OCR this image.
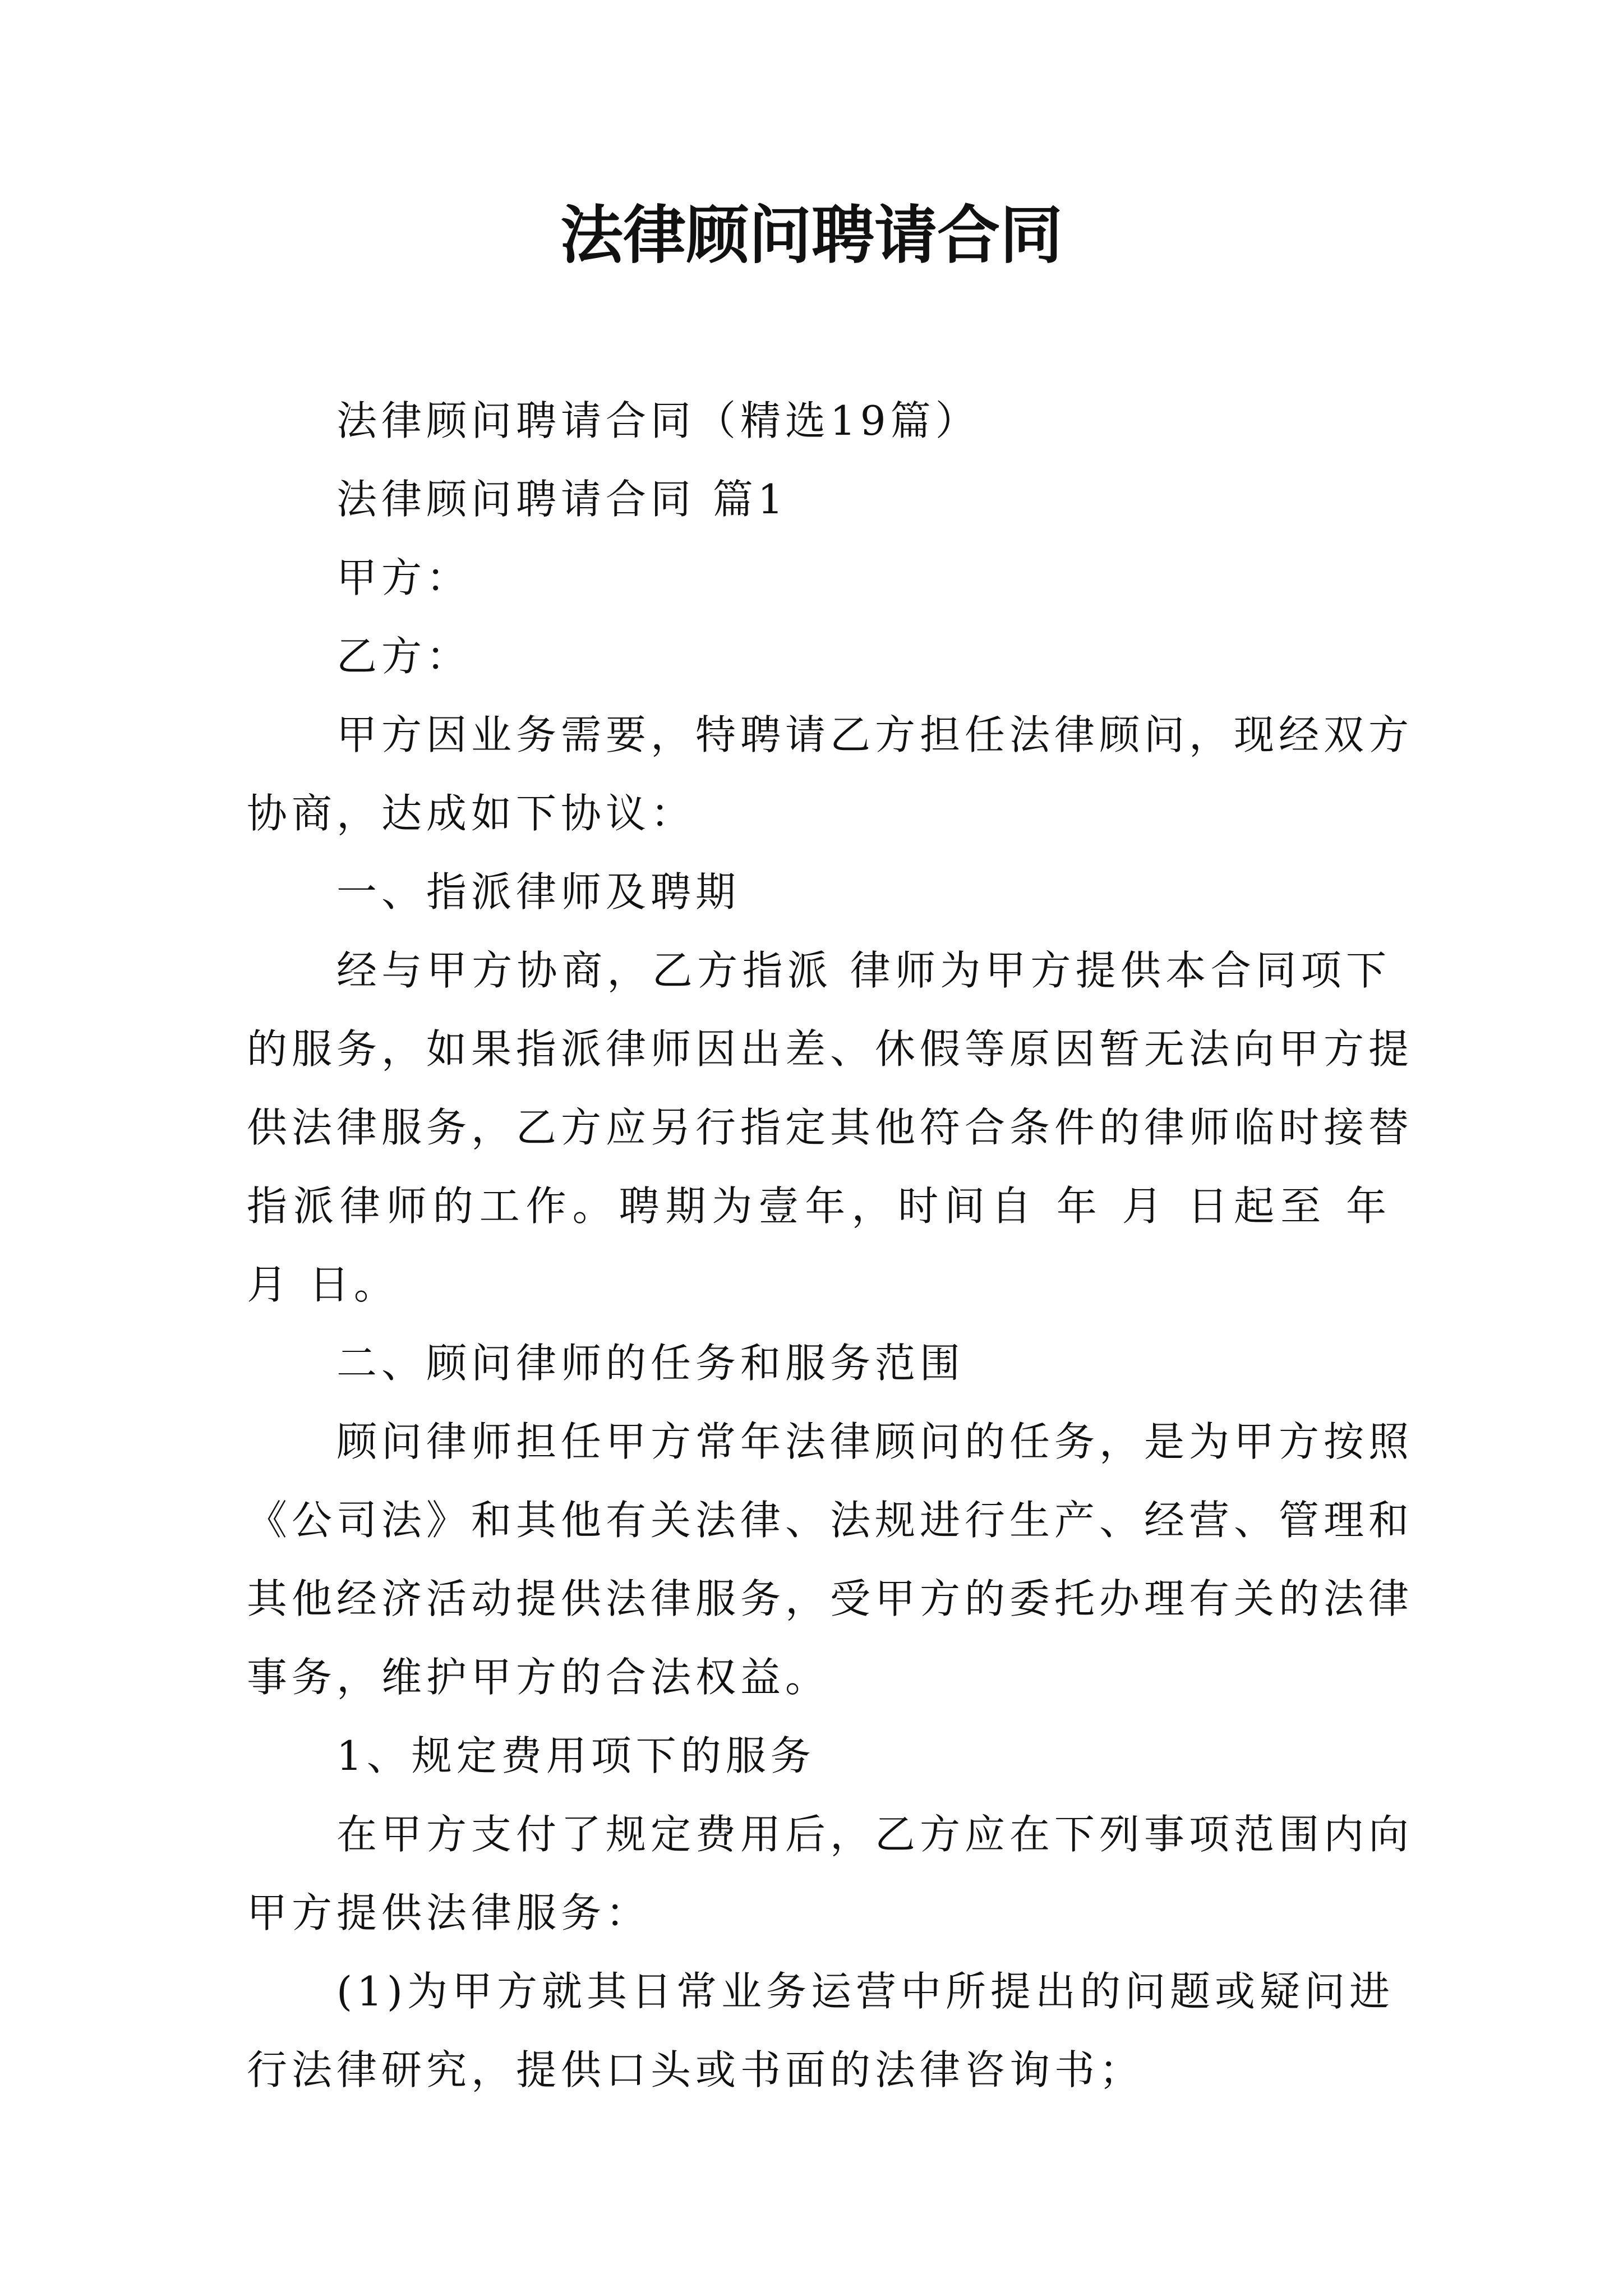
法律顾问聘请合同
法律顾问聘请合同（精选19篇）
法律顾问聘请合同 篇1
甲方：
乙方：
甲方因业务需要，特聘请乙方担任法律顾问，现经双方
协商，达成如下协议：
一、指派律师及聘期
经与甲方协商，乙方指派 律师为甲方提供本合同项下
的服务，如果指派律师因出差、休假等原因暂无法向甲方提
供法律服务，乙方应另行指定其他符合条件的律师临时接替
指派律师的工作。聘期为壹年，时间自 年 月 日起至 年
月 日。
二、顾问律师的任务和服务范围
顾问律师担任甲方常年法律顾问的任务，是为甲方按照
《公司法》和其他有关法律、法规进行生产、经营、管理和
其他经济活动提供法律服务，受甲方的委托办理有关的法律
事务，维护甲方的合法权益。
1、规定费用项下的服务
在甲方支付了规定费用后，乙方应在下列事项范围内向
甲方提供法律服务：
(1)为甲方就其日常业务运营中所提出的问题或疑问进
行法律研究，提供口头或书面的法律咨询书；
